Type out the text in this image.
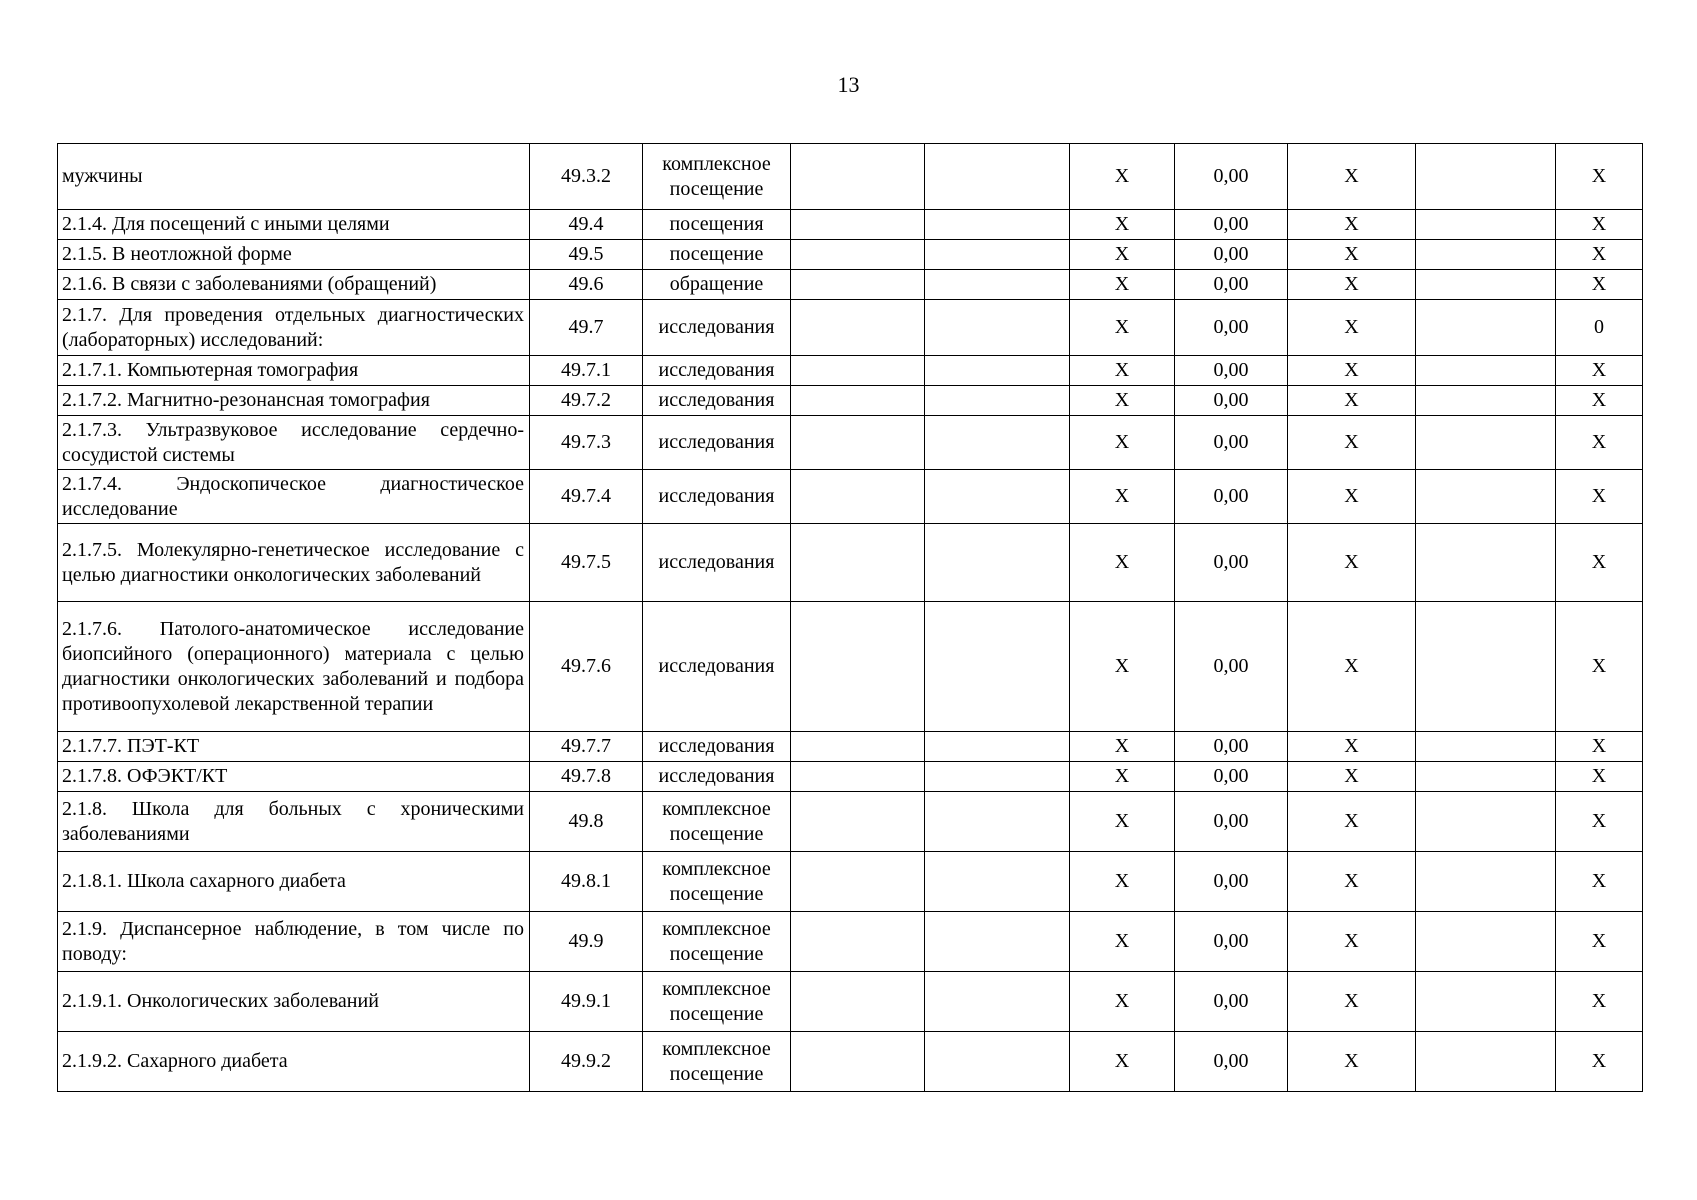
13
мужчины	49.3.2	комплексное посещение			X	0,00	X		X
2.1.4. Для посещений с иными целями	49.4	посещения			X	0,00	X		X
2.1.5. В неотложной форме	49.5	посещение			X	0,00	X		X
2.1.6. В связи с заболеваниями (обращений)	49.6	обращение			X	0,00	X		X
2.1.7. Для проведения отдельных диагностических (лабораторных) исследований:	49.7	исследования			X	0,00	X		0
2.1.7.1. Компьютерная томография	49.7.1	исследования			X	0,00	X		X
2.1.7.2. Магнитно-резонансная томография	49.7.2	исследования			X	0,00	X		X
2.1.7.3. Ультразвуковое исследование сердечно-сосудистой системы	49.7.3	исследования			X	0,00	X		X
2.1.7.4. Эндоскопическое диагностическое исследование	49.7.4	исследования			X	0,00	X		X
2.1.7.5. Молекулярно-генетическое исследование с целью диагностики онкологических заболеваний	49.7.5	исследования			X	0,00	X		X
2.1.7.6. Патолого-анатомическое исследование биопсийного (операционного) материала с целью диагностики онкологических заболеваний и подбора противоопухолевой лекарственной терапии	49.7.6	исследования			X	0,00	X		X
2.1.7.7. ПЭТ-КТ	49.7.7	исследования			X	0,00	X		X
2.1.7.8. ОФЭКТ/КТ	49.7.8	исследования			X	0,00	X		X
2.1.8. Школа для больных с хроническими заболеваниями	49.8	комплексное посещение			X	0,00	X		X
2.1.8.1. Школа сахарного диабета	49.8.1	комплексное посещение			X	0,00	X		X
2.1.9. Диспансерное наблюдение, в том числе по поводу:	49.9	комплексное посещение			X	0,00	X		X
2.1.9.1. Онкологических заболеваний	49.9.1	комплексное посещение			X	0,00	X		X
2.1.9.2. Сахарного диабета	49.9.2	комплексное посещение			X	0,00	X		X
